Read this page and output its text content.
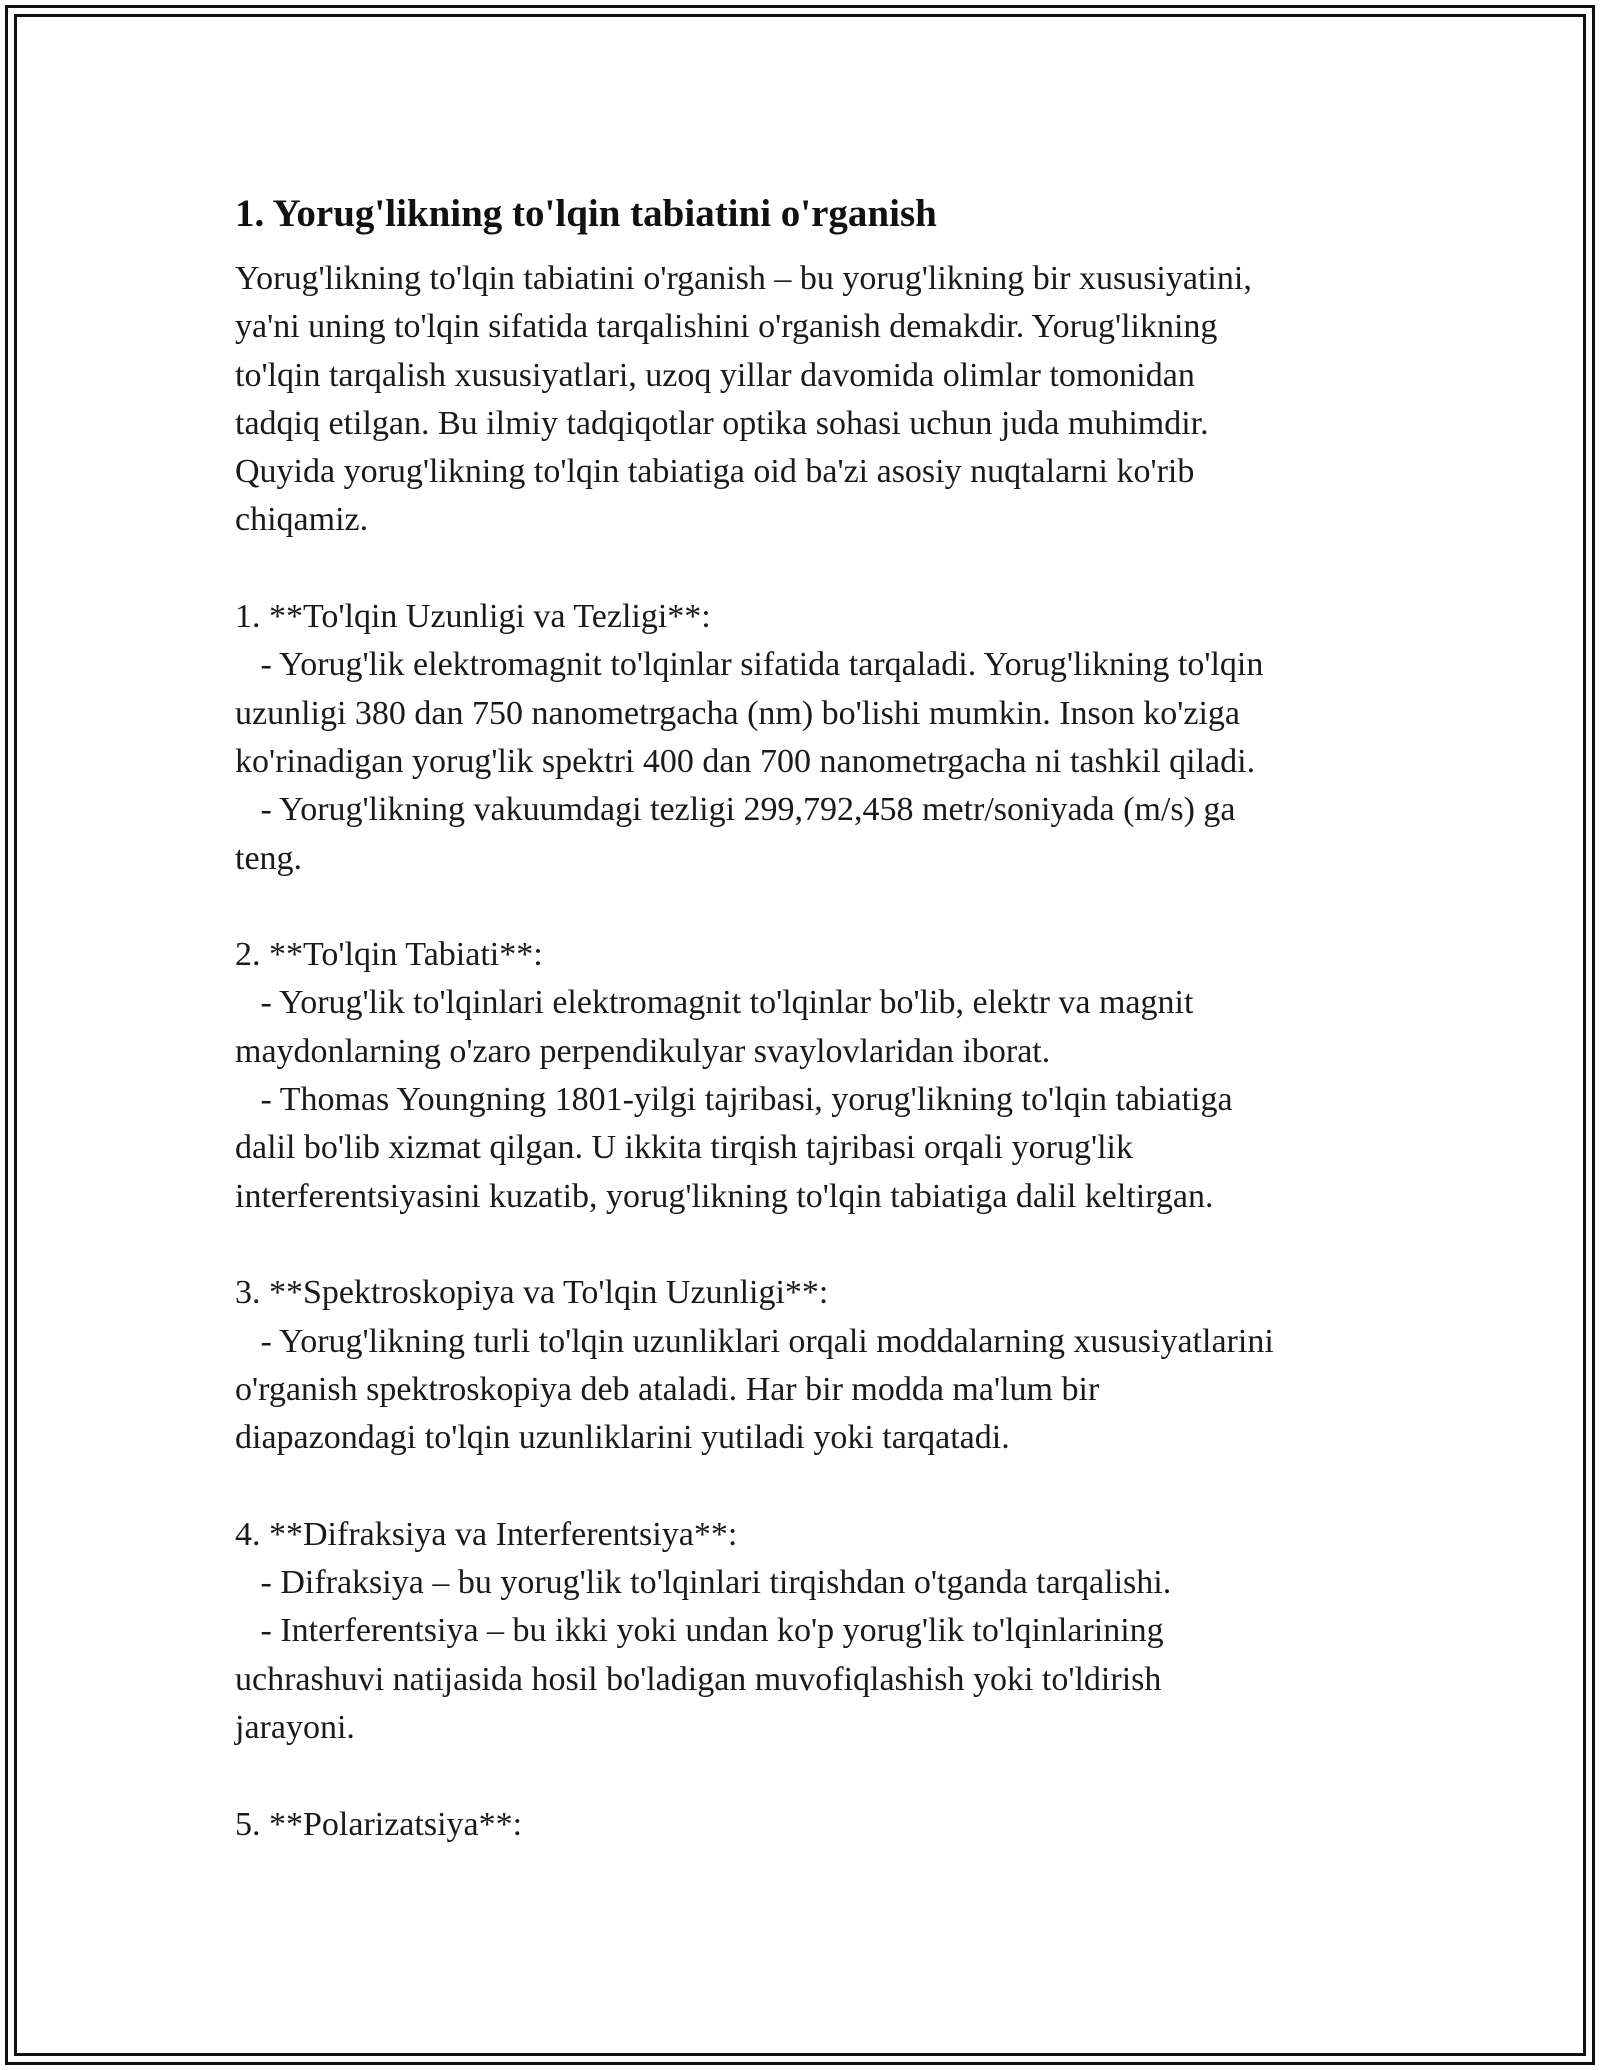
1. Yorug'likning to'lqin tabiatini o'rganish

Yorug'likning to'lqin tabiatini o'rganish – bu yorug'likning bir xususiyatini,
ya'ni uning to'lqin sifatida tarqalishini o'rganish demakdir. Yorug'likning
to'lqin tarqalish xususiyatlari, uzoq yillar davomida olimlar tomonidan
tadqiq etilgan. Bu ilmiy tadqiqotlar optika sohasi uchun juda muhimdir.
Quyida yorug'likning to'lqin tabiatiga oid ba'zi asosiy nuqtalarni ko'rib
chiqamiz.

1. **To'lqin Uzunligi va Tezligi**:

- Yorug'lik elektromagnit to'lqinlar sifatida tarqaladi. Yorug'likning to'lqin
uzunligi 380 dan 750 nanometrgacha (nm) bo'lishi mumkin. Inson ko'ziga
ko'rinadigan yorug'lik spektri 400 dan 700 nanometrgacha ni tashkil qiladi.
- Yorug'likning vakuumdagi tezligi 299,792,458 metr/soniyada (m/s) ga
teng.

2. **To'lqin Tabiati**:

- Yorug'lik to'lqinlari elektromagnit to'lqinlar bo'lib, elektr va magnit
maydonlarning o'zaro perpendikulyar svaylovlaridan iborat.
- Thomas Youngning 1801-yilgi tajribasi, yorug'likning to'lqin tabiatiga
dalil bo'lib xizmat qilgan. U ikkita tirqish tajribasi orqali yorug'lik
interferentsiyasini kuzatib, yorug'likning to'lqin tabiatiga dalil keltirgan.

3. **Spektroskopiya va To'lqin Uzunligi**:

- Yorug'likning turli to'lqin uzunliklari orqali moddalarning xususiyatlarini
o'rganish spektroskopiya deb ataladi. Har bir modda ma'lum bir
diapazondagi to'lqin uzunliklarini yutiladi yoki tarqatadi.

4. **Difraksiya va Interferentsiya**:

- Difraksiya – bu yorug'lik to'lqinlari tirqishdan o'tganda tarqalishi.
- Interferentsiya – bu ikki yoki undan ko'p yorug'lik to'lqinlarining
uchrashuvi natijasida hosil bo'ladigan muvofiqlashish yoki to'ldirish
jarayoni.

5. **Polarizatsiya**:
